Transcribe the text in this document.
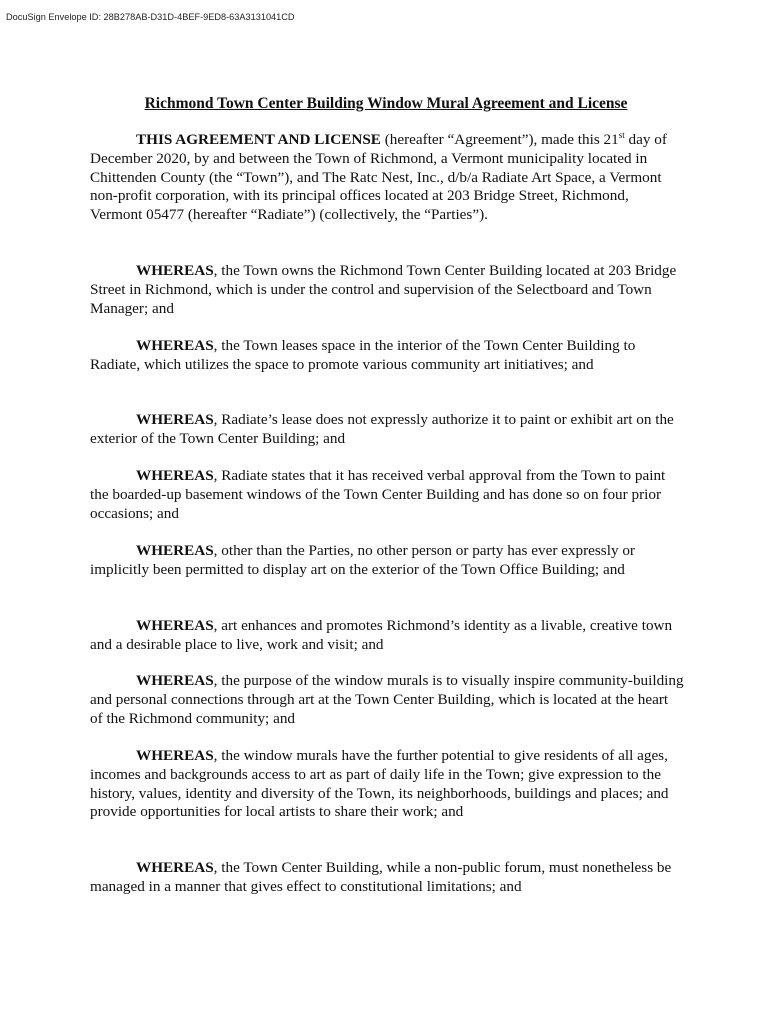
DocuSign Envelope ID: 28B278AB-D31D-4BEF-9ED8-63A3131041CD
Richmond Town Center Building Window Mural Agreement and License

THIS AGREEMENT AND LICENSE (hereafter “Agreement”), made this 21st day of December 2020, by and between the Town of Richmond, a Vermont municipality located in Chittenden County (the “Town”), and The Ratc Nest, Inc., d/b/a Radiate Art Space, a Vermont non-profit corporation, with its principal offices located at 203 Bridge Street, Richmond, Vermont 05477 (hereafter “Radiate”) (collectively, the “Parties”).

WHEREAS, the Town owns the Richmond Town Center Building located at 203 Bridge Street in Richmond, which is under the control and supervision of the Selectboard and Town Manager; and

WHEREAS, the Town leases space in the interior of the Town Center Building to Radiate, which utilizes the space to promote various community art initiatives; and

WHEREAS, Radiate’s lease does not expressly authorize it to paint or exhibit art on the exterior of the Town Center Building; and

WHEREAS, Radiate states that it has received verbal approval from the Town to paint the boarded-up basement windows of the Town Center Building and has done so on four prior occasions; and

WHEREAS, other than the Parties, no other person or party has ever expressly or implicitly been permitted to display art on the exterior of the Town Office Building; and

WHEREAS, art enhances and promotes Richmond’s identity as a livable, creative town and a desirable place to live, work and visit; and

WHEREAS, the purpose of the window murals is to visually inspire community-building and personal connections through art at the Town Center Building, which is located at the heart of the Richmond community; and

WHEREAS, the window murals have the further potential to give residents of all ages, incomes and backgrounds access to art as part of daily life in the Town; give expression to the history, values, identity and diversity of the Town, its neighborhoods, buildings and places; and provide opportunities for local artists to share their work; and

WHEREAS, the Town Center Building, while a non-public forum, must nonetheless be managed in a manner that gives effect to constitutional limitations; and
